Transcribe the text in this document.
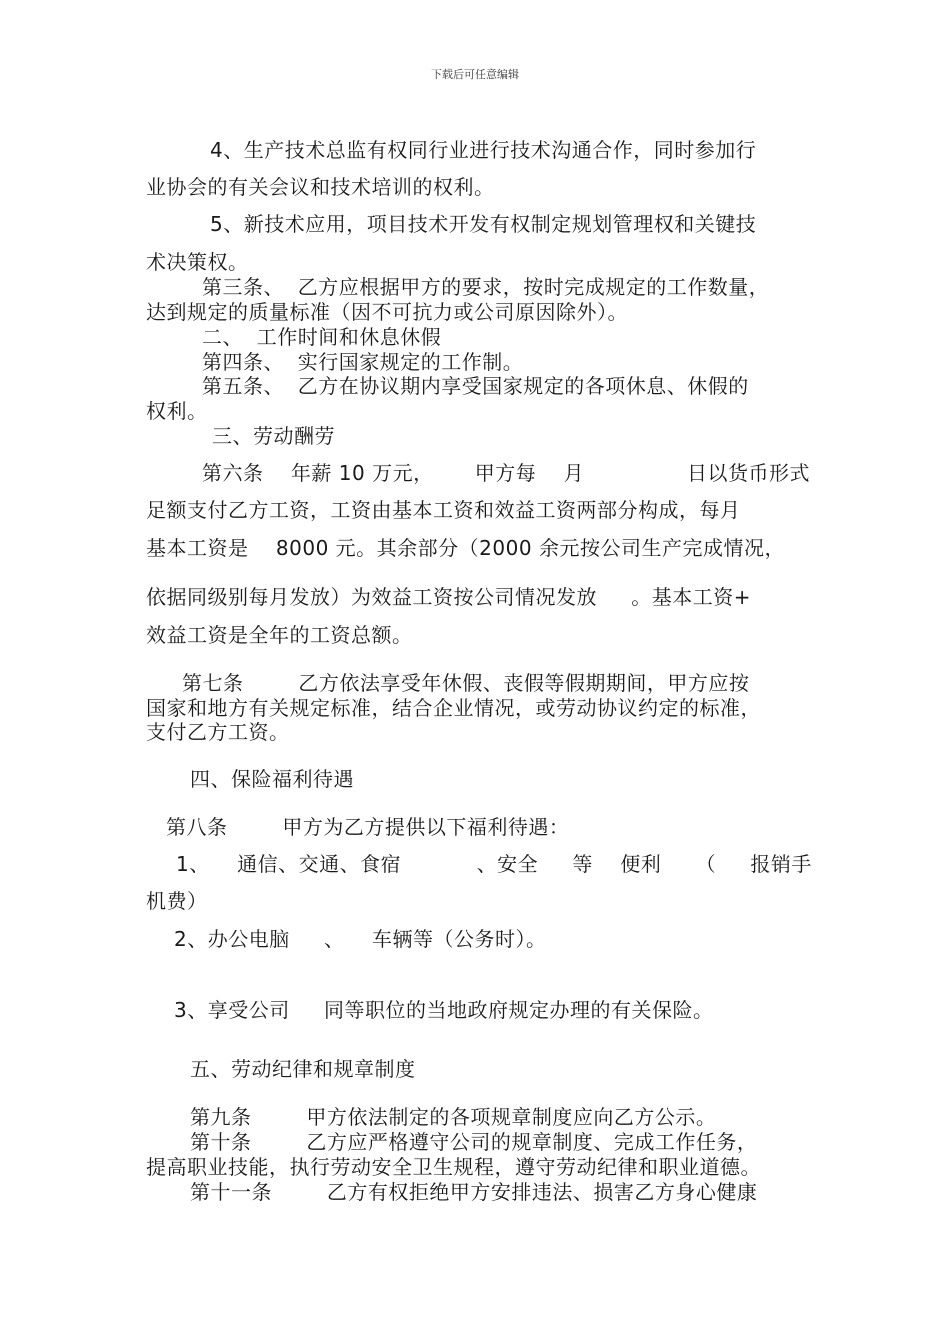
下载后可任意编辑
4、生产技术总监有权同行业进行技术沟通合作，同时参加行
业协会的有关会议和技术培训的权利。
5、新技术应用，项目技术开发有权制定规划管理权和关键技
术决策权。
第三条、  乙方应根据甲方的要求，按时完成规定的工作数量，
达到规定的质量标准（因不可抗力或公司原因除外）。
二、  工作时间和休息休假
第四条、  实行国家规定的工作制。
第五条、  乙方在协议期内享受国家规定的各项休息、休假的
权利。
三、劳动酬劳
第六条    年薪 10 万元，      甲方每    月               日以货币形式
足额支付乙方工资，工资由基本工资和效益工资两部分构成，每月
基本工资是    8000 元。其余部分（2000 余元按公司生产完成情况，
依据同级别每月发放）为效益工资按公司情况发放     。基本工资+
效益工资是全年的工资总额。
第七条        乙方依法享受年休假、丧假等假期期间，甲方应按
国家和地方有关规定标准，结合企业情况，或劳动协议约定的标准，
支付乙方工资。
四、保险福利待遇
第八条        甲方为乙方提供以下福利待遇：
1、    通信、交通、食宿           、安全     等    便利     （     报销手
机费）
2、办公电脑     、    车辆等（公务时）。
3、享受公司     同等职位的当地政府规定办理的有关保险。
五、劳动纪律和规章制度
第九条        甲方依法制定的各项规章制度应向乙方公示。
第十条        乙方应严格遵守公司的规章制度、完成工作任务，
提高职业技能，执行劳动安全卫生规程，遵守劳动纪律和职业道德。
第十一条        乙方有权拒绝甲方安排违法、损害乙方身心健康
